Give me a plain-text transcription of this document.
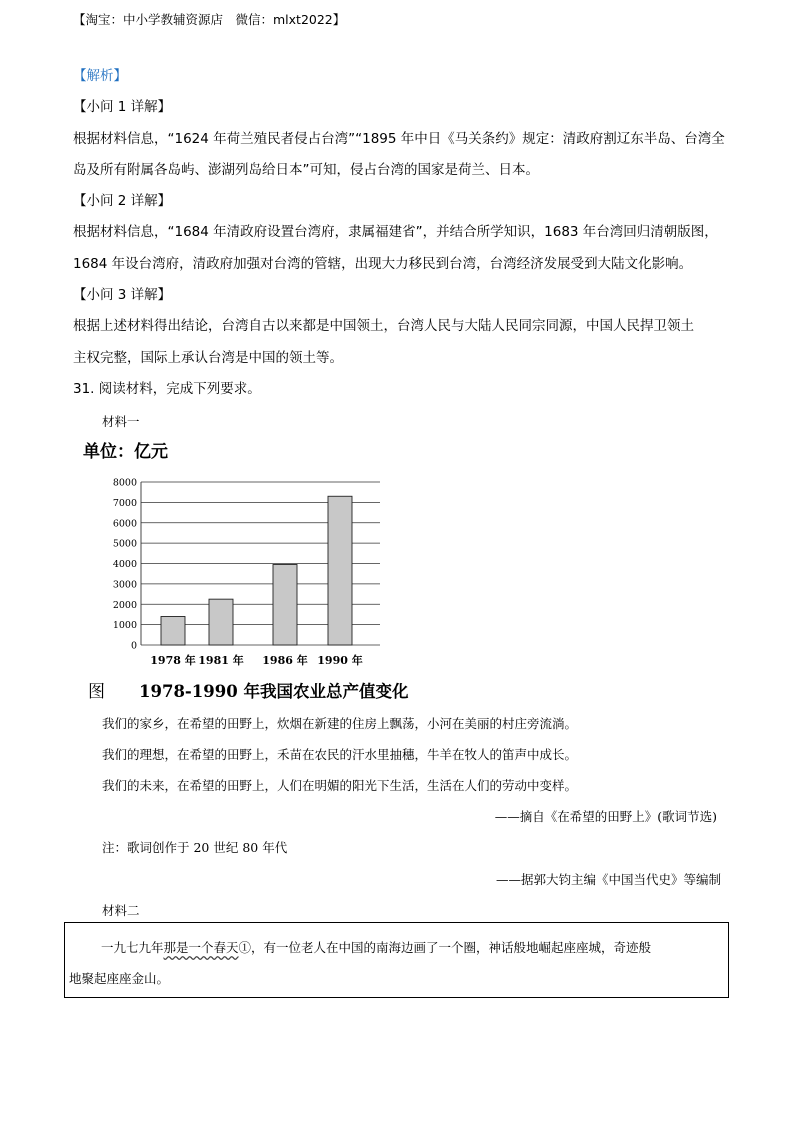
【淘宝：中小学教辅资源店　微信：mlxt2022】
【解析】
【小问 1 详解】
根据材料信息，“1624 年荷兰殖民者侵占台湾”“1895 年中日《马关条约》规定：清政府割辽东半岛、台湾全
岛及所有附属各岛屿、澎湖列岛给日本”可知，侵占台湾的国家是荷兰、日本。
【小问 2 详解】
根据材料信息，“1684 年清政府设置台湾府，隶属福建省”，并结合所学知识，1683 年台湾回归清朝版图，
1684 年设台湾府，清政府加强对台湾的管辖，出现大力移民到台湾，台湾经济发展受到大陆文化影响。
【小问 3 详解】
根据上述材料得出结论，台湾自古以来都是中国领土，台湾人民与大陆人民同宗同源，中国人民捍卫领土
主权完整，国际上承认台湾是中国的领土等。
31. 阅读材料，完成下列要求。
材料一
单位：亿元
0
1000
2000
3000
4000
5000
6000
7000
8000
1978 年 1981 年 1986 年 1990 年
图 1978-1990 年我国农业总产值变化
我们的家乡，在希望的田野上，炊烟在新建的住房上飘荡，小河在美丽的村庄旁流淌。
我们的理想，在希望的田野上，禾苗在农民的汗水里抽穗，牛羊在牧人的笛声中成长。
我们的未来，在希望的田野上，人们在明媚的阳光下生活，生活在人们的劳动中变样。
——摘自《在希望的田野上》(歌词节选)
注：歌词创作于 20 世纪 80 年代
——据郭大钧主编《中国当代史》等编制
材料二
一九七九年那是一个春天①，有一位老人在中国的南海边画了一个圈，神话般地崛起座座城，奇迹般
地聚起座座金山。
